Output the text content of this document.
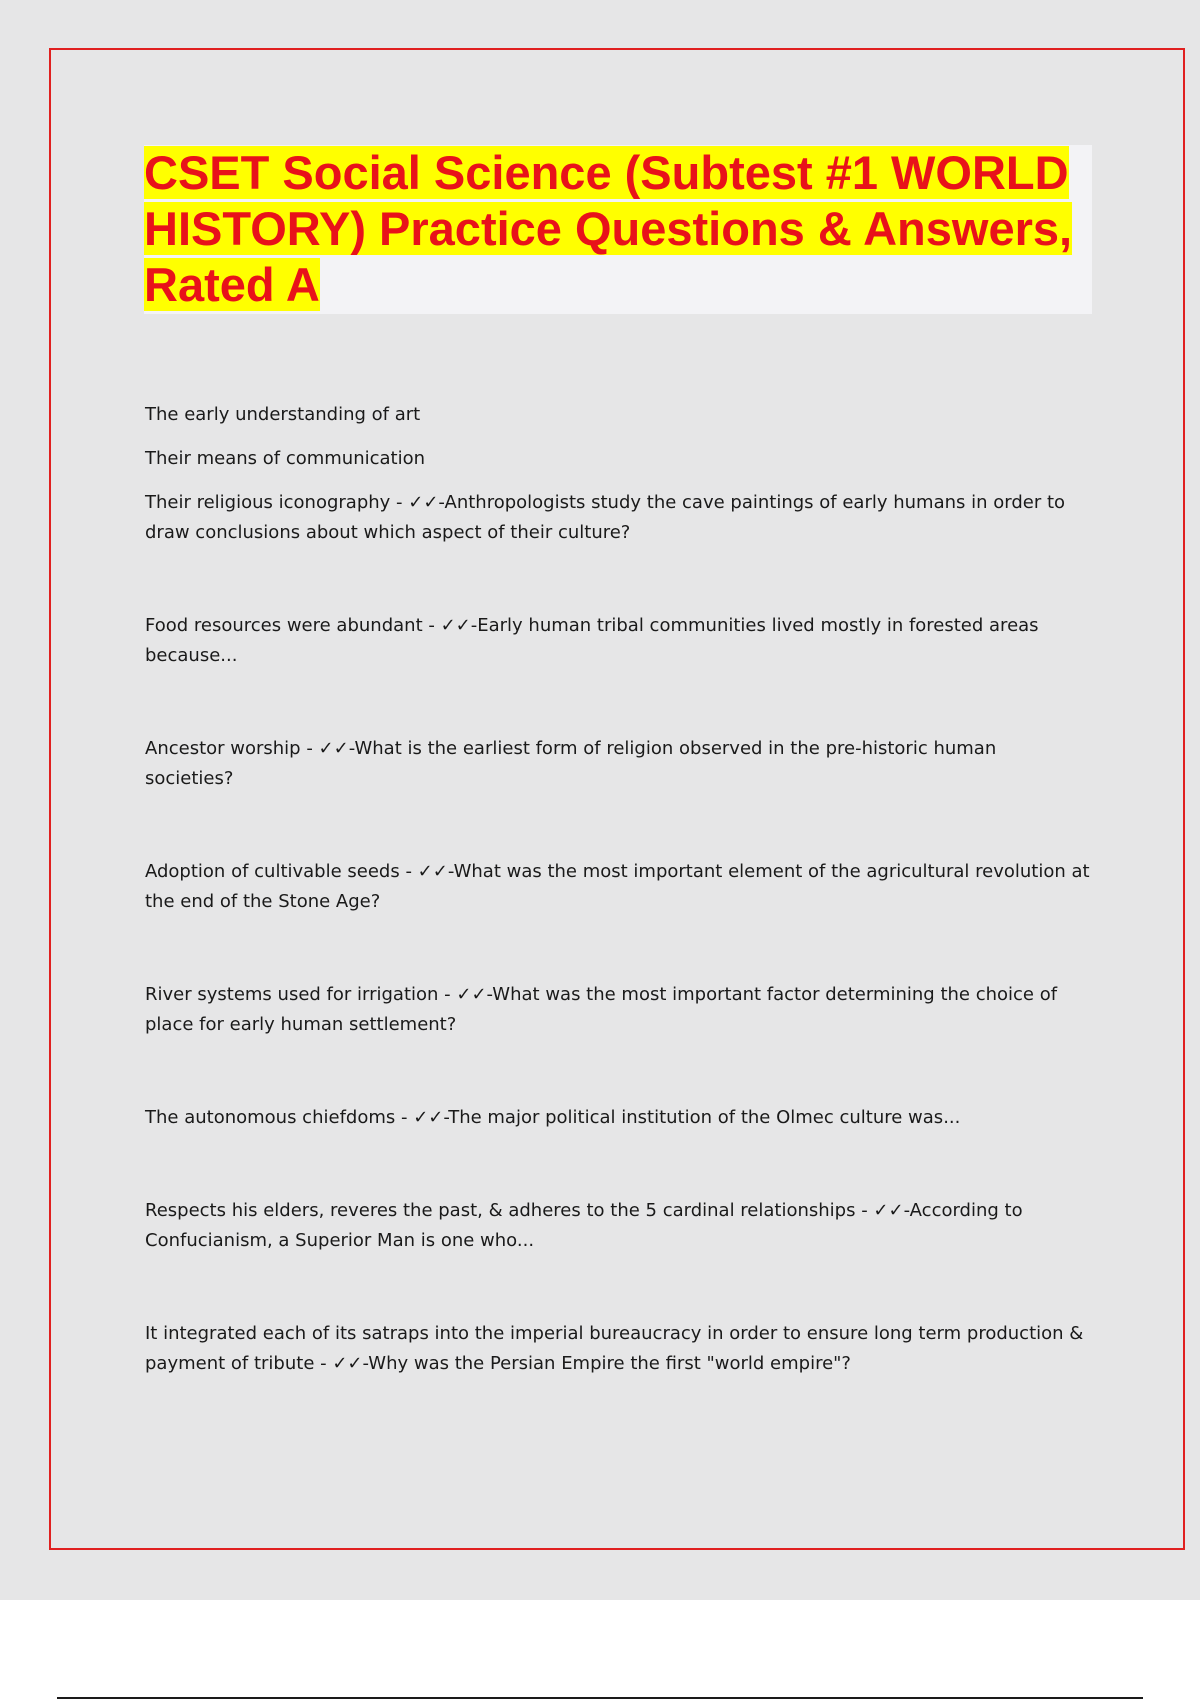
CSET Social Science (Subtest #1 WORLD HISTORY) Practice Questions & Answers, Rated A

The early understanding of art

Their means of communication

Their religious iconography - ✓✓-Anthropologists study the cave paintings of early humans in order to draw conclusions about which aspect of their culture?

Food resources were abundant - ✓✓-Early human tribal communities lived mostly in forested areas because...

Ancestor worship - ✓✓-What is the earliest form of religion observed in the pre-historic human societies?

Adoption of cultivable seeds - ✓✓-What was the most important element of the agricultural revolution at the end of the Stone Age?

River systems used for irrigation - ✓✓-What was the most important factor determining the choice of place for early human settlement?

The autonomous chiefdoms - ✓✓-The major political institution of the Olmec culture was...

Respects his elders, reveres the past, & adheres to the 5 cardinal relationships - ✓✓-According to Confucianism, a Superior Man is one who...

It integrated each of its satraps into the imperial bureaucracy in order to ensure long term production & payment of tribute - ✓✓-Why was the Persian Empire the first "world empire"?
